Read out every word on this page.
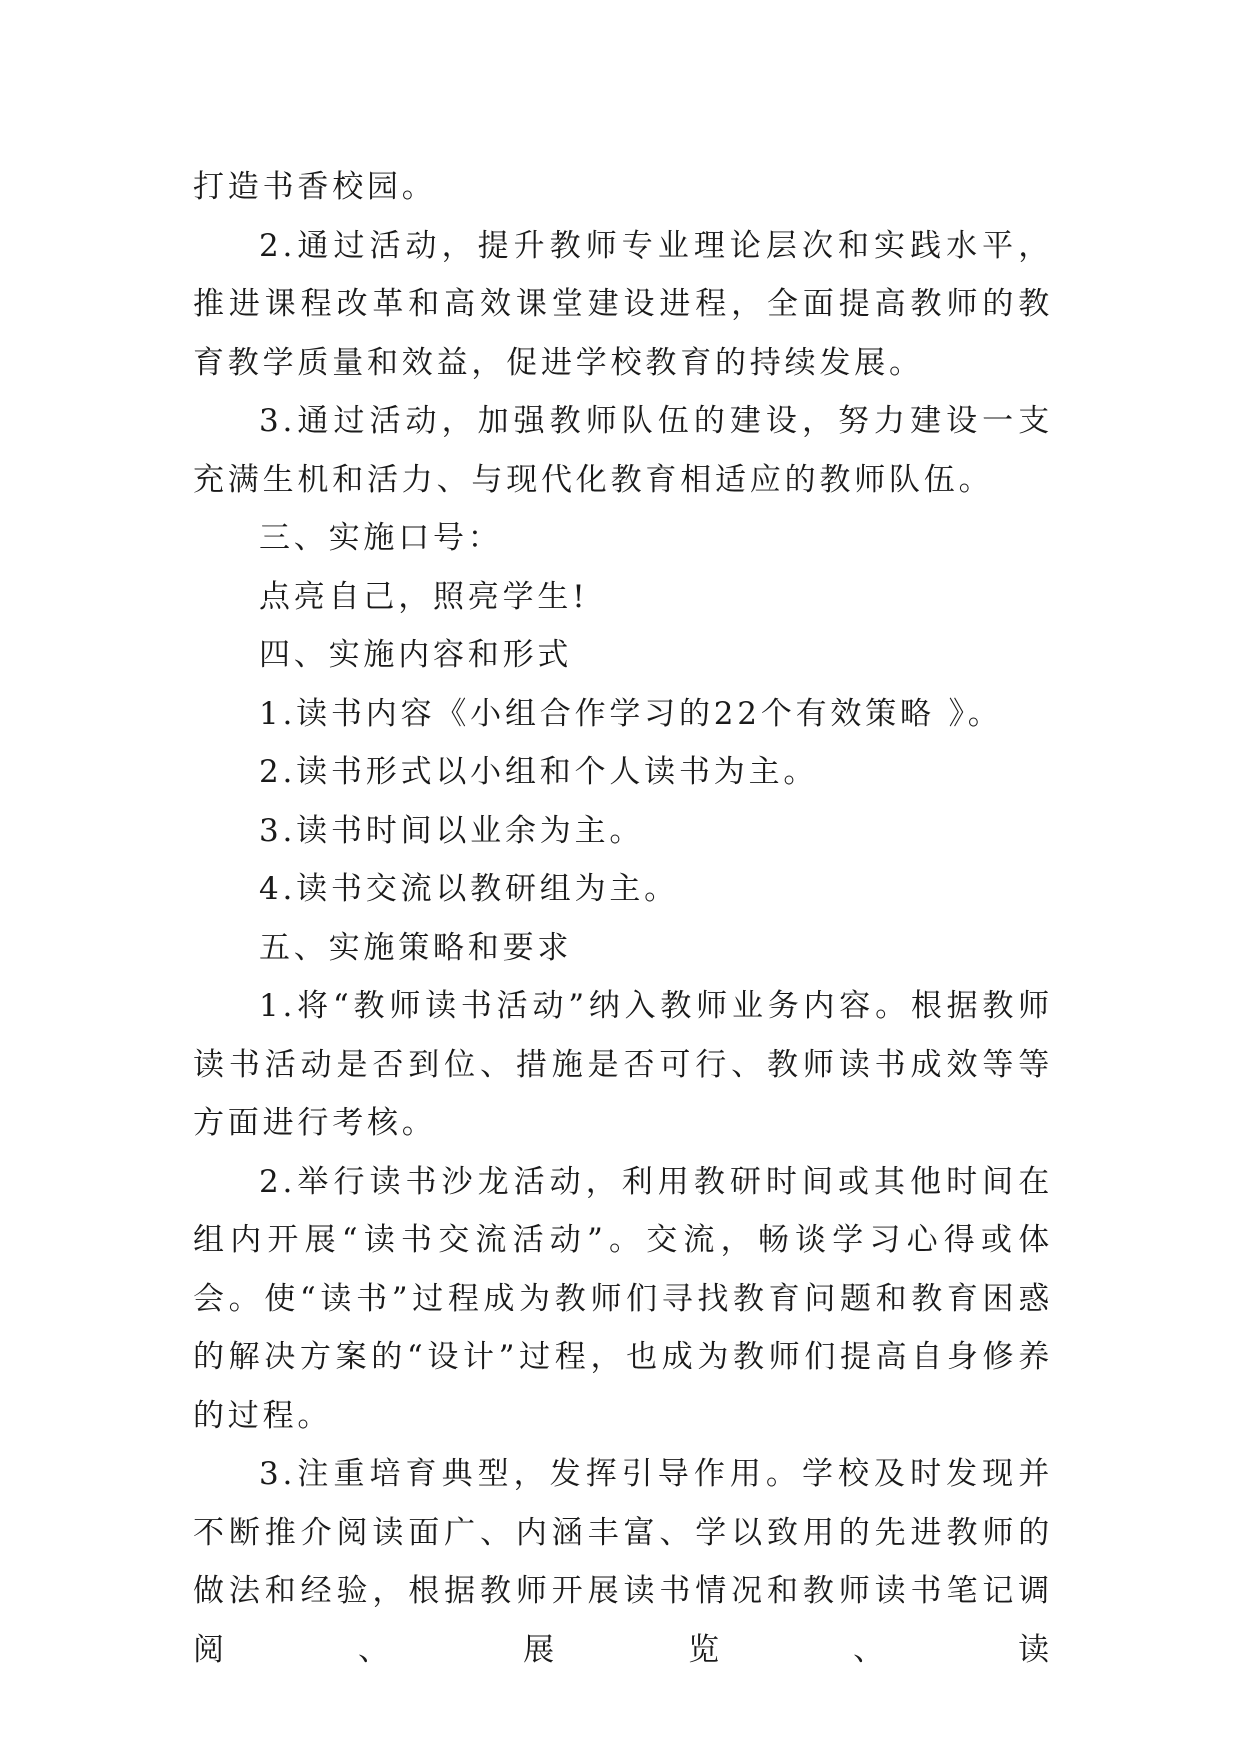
打造书香校园。

2.通过活动，提升教师专业理论层次和实践水平，推进课程改革和高效课堂建设进程，全面提高教师的教育教学质量和效益，促进学校教育的持续发展。

3.通过活动，加强教师队伍的建设，努力建设一支充满生机和活力、与现代化教育相适应的教师队伍。

三、实施口号：

点亮自己，照亮学生!

四、实施内容和形式

1.读书内容《小组合作学习的22个有效策略 》。

2.读书形式以小组和个人读书为主。

3.读书时间以业余为主。

4.读书交流以教研组为主。

五、实施策略和要求

1.将“教师读书活动”纳入教师业务内容。根据教师读书活动是否到位、措施是否可行、教师读书成效等等方面进行考核。

2.举行读书沙龙活动，利用教研时间或其他时间在组内开展“读书交流活动”。交流，畅谈学习心得或体会。使“读书”过程成为教师们寻找教育问题和教育困惑的解决方案的“设计”过程，也成为教师们提高自身修养的过程。

3.注重培育典型，发挥引导作用。学校及时发现并不断推介阅读面广、内涵丰富、学以致用的先进教师的做法和经验，根据教师开展读书情况和教师读书笔记调阅、展览、读
